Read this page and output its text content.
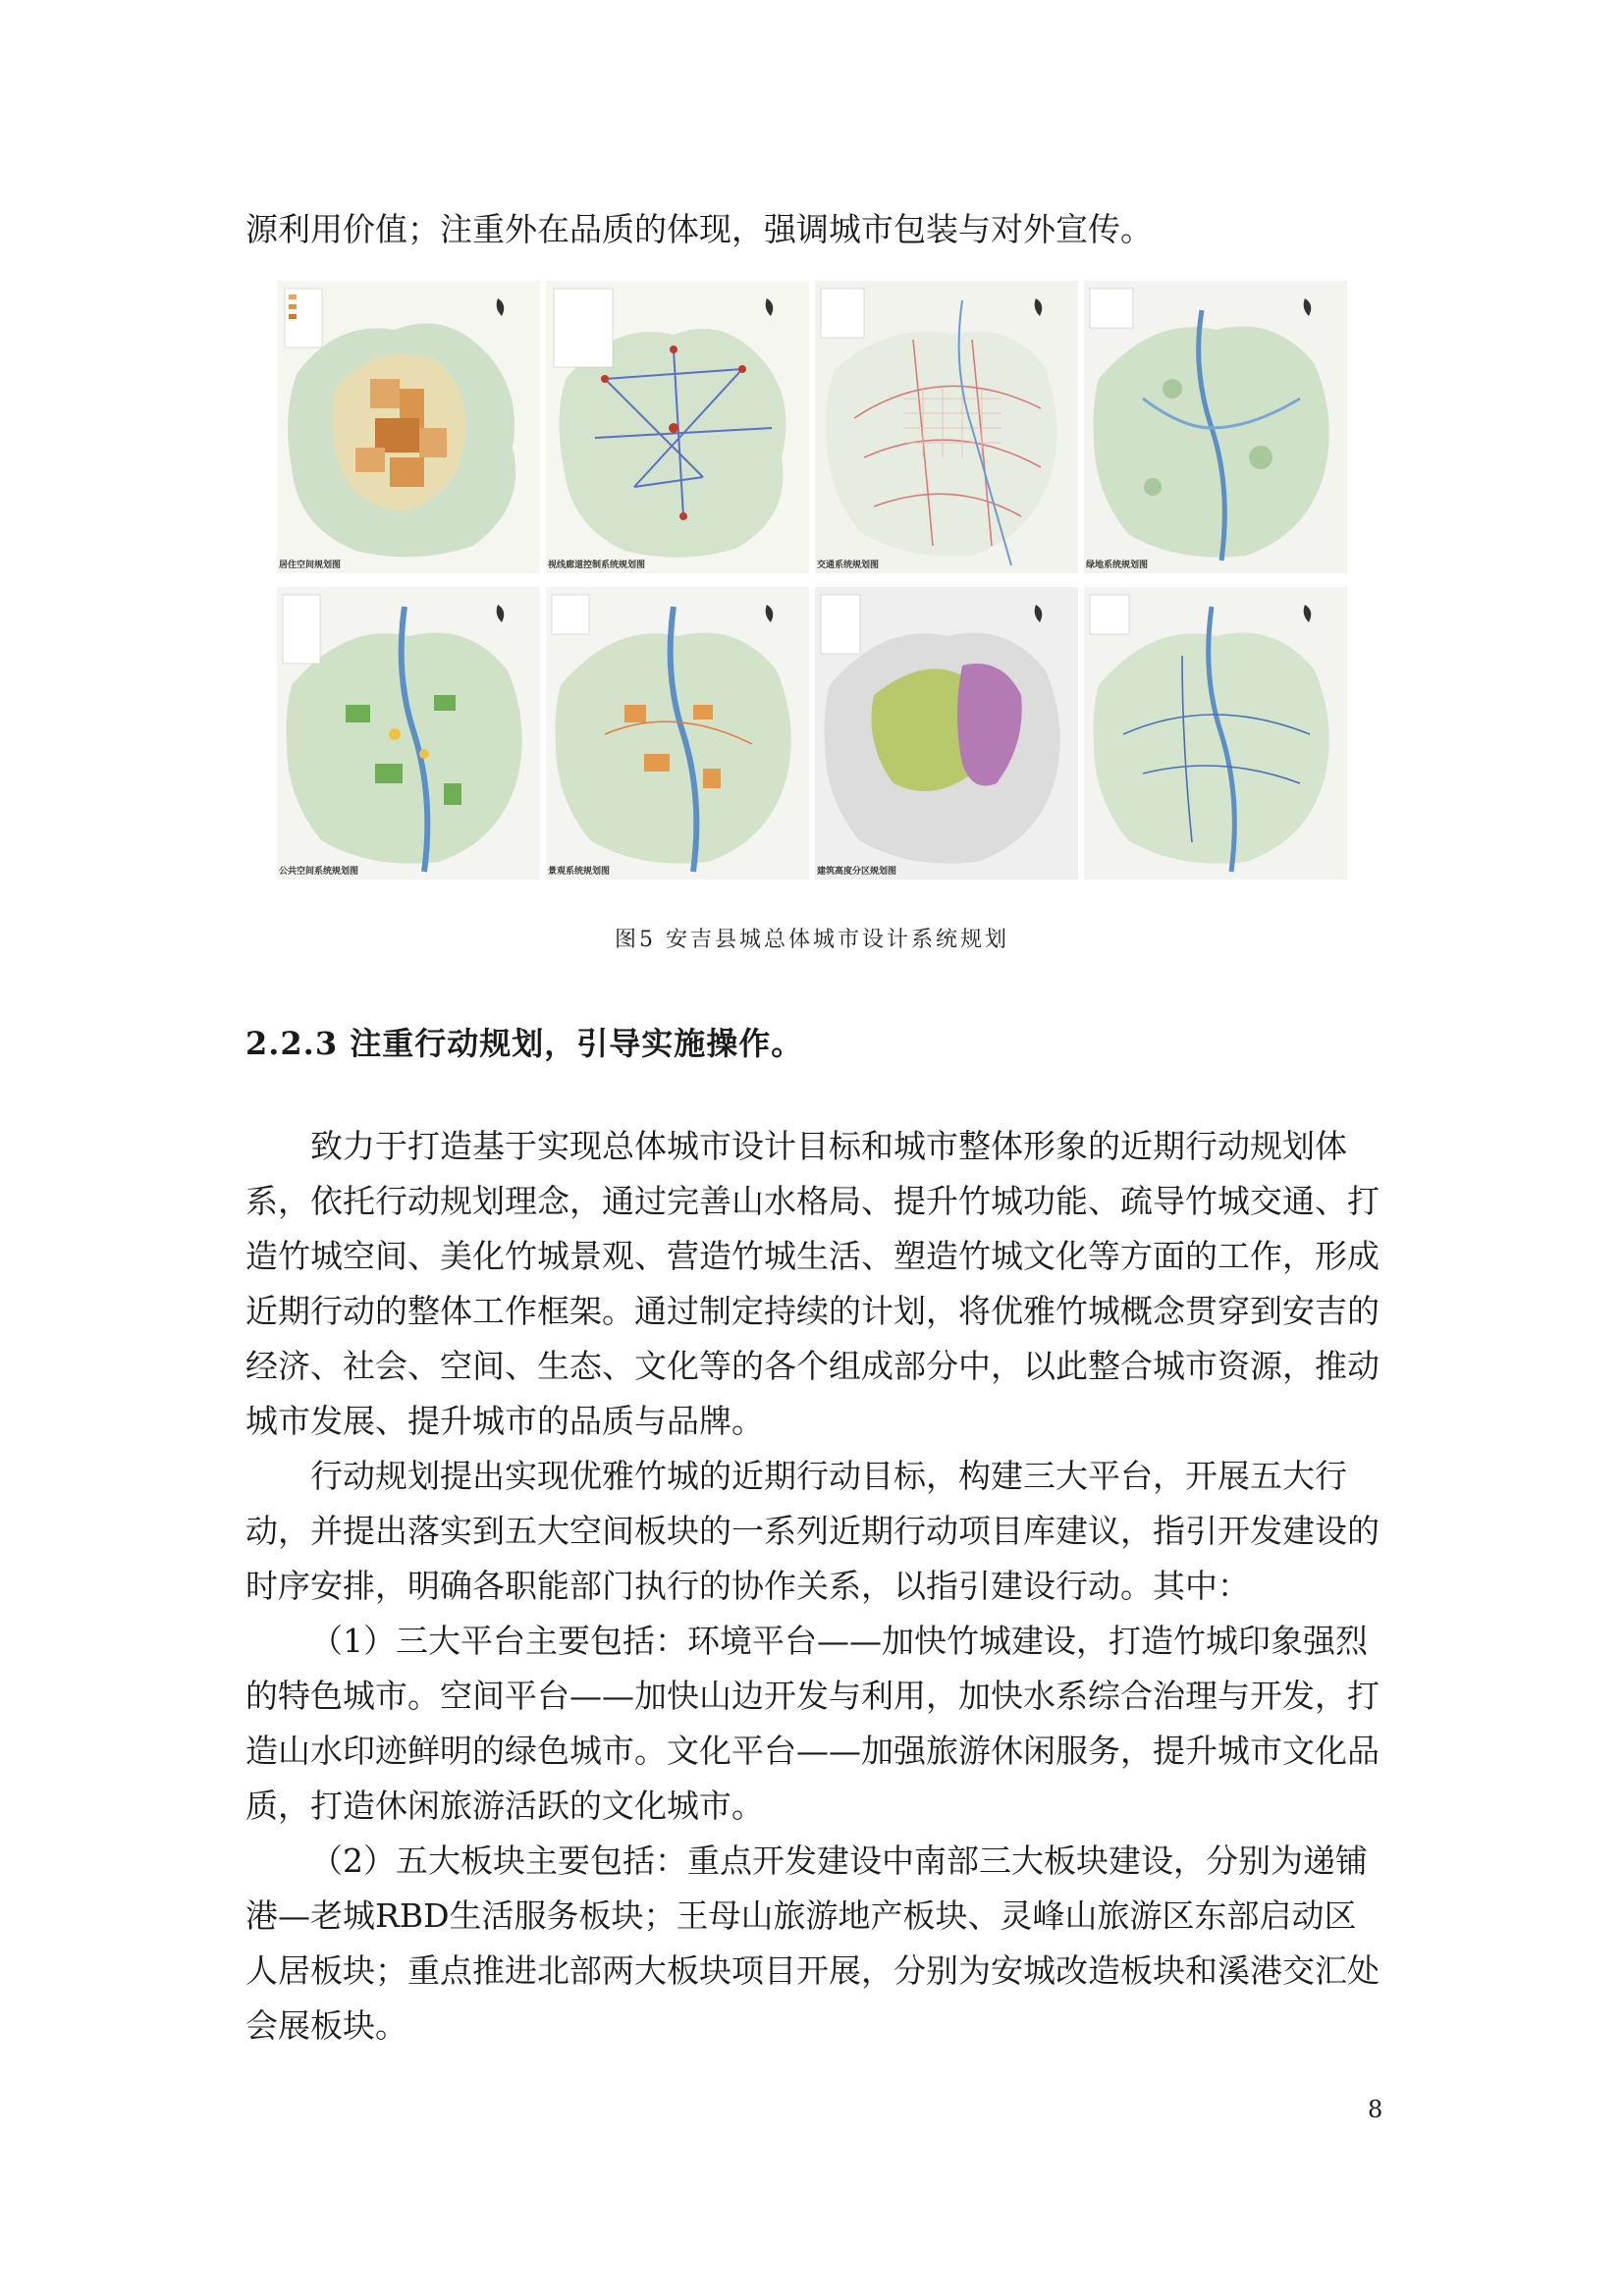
源利用价值；注重外在品质的体现，强调城市包装与对外宣传。

居住空间规划图	视线廊道控制系统规划图	交通系统规划图	绿地系统规划图
公共空间系统规划图	景观系统规划图	建筑高度分区规划图
图5 安吉县城总体城市设计系统规划
2.2.3 注重行动规划，引导实施操作。

致力于打造基于实现总体城市设计目标和城市整体形象的近期行动规划体系，依托行动规划理念，通过完善山水格局、提升竹城功能、疏导竹城交通、打造竹城空间、美化竹城景观、营造竹城生活、塑造竹城文化等方面的工作，形成近期行动的整体工作框架。通过制定持续的计划，将优雅竹城概念贯穿到安吉的经济、社会、空间、生态、文化等的各个组成部分中，以此整合城市资源，推动城市发展、提升城市的品质与品牌。

行动规划提出实现优雅竹城的近期行动目标，构建三大平台，开展五大行动，并提出落实到五大空间板块的一系列近期行动项目库建议，指引开发建设的时序安排，明确各职能部门执行的协作关系，以指引建设行动。其中：

（1）三大平台主要包括：环境平台——加快竹城建设，打造竹城印象强烈的特色城市。空间平台——加快山边开发与利用，加快水系综合治理与开发，打造山水印迹鲜明的绿色城市。文化平台——加强旅游休闲服务，提升城市文化品质，打造休闲旅游活跃的文化城市。

（2）五大板块主要包括：重点开发建设中南部三大板块建设，分别为递铺港—老城RBD生活服务板块；王母山旅游地产板块、灵峰山旅游区东部启动区人居板块；重点推进北部两大板块项目开展，分别为安城改造板块和溪港交汇处会展板块。

8
